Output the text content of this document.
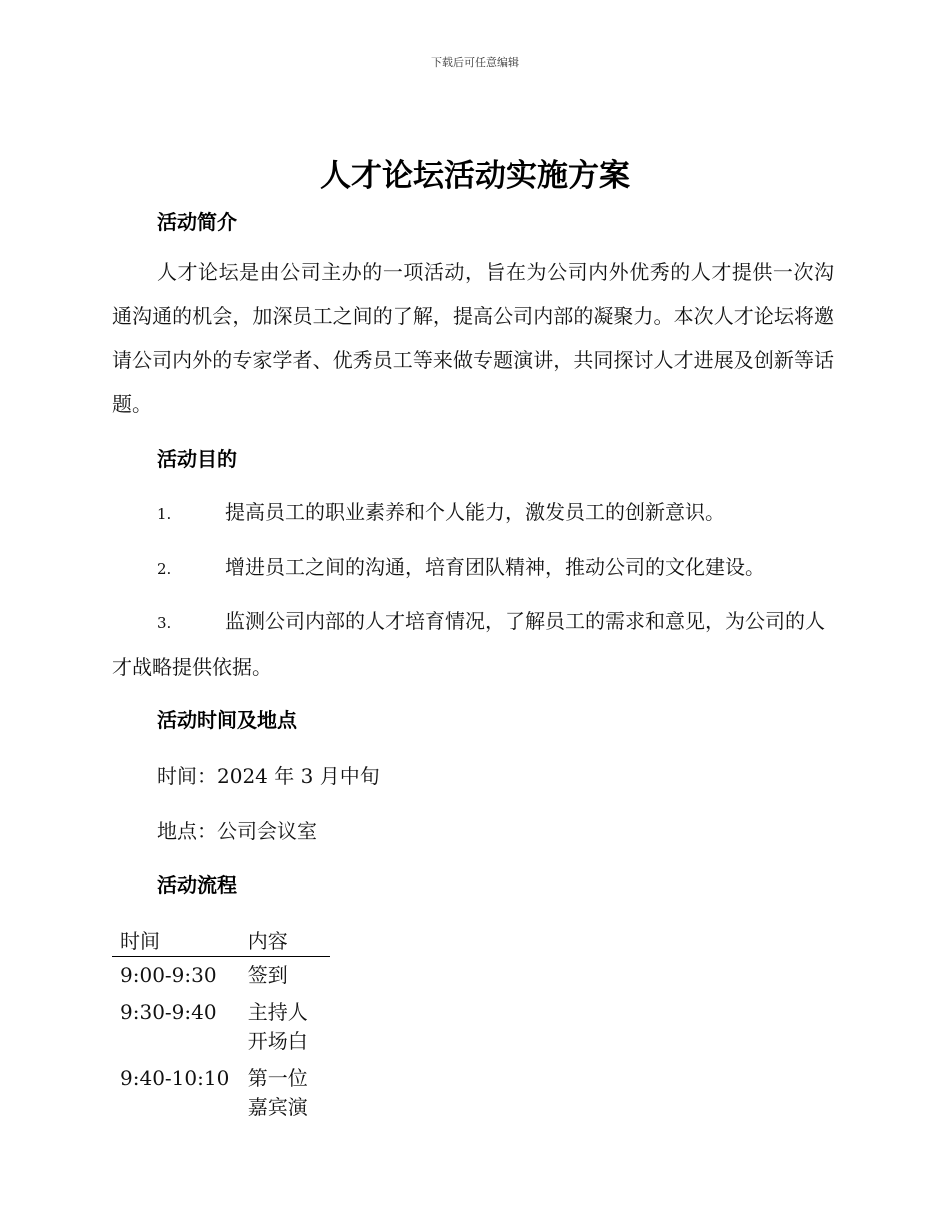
下载后可任意编辑
人才论坛活动实施方案
活动简介

人才论坛是由公司主办的一项活动，旨在为公司内外优秀的人才提供一次沟通沟通的机会，加深员工之间的了解，提高公司内部的凝聚力。本次人才论坛将邀请公司内外的专家学者、优秀员工等来做专题演讲，共同探讨人才进展及创新等话题。

活动目的
1.	提高员工的职业素养和个人能力，激发员工的创新意识。
2.	增进员工之间的沟通，培育团队精神，推动公司的文化建设。
3.	监测公司内部的人才培育情况，了解员工的需求和意见，为公司的人才战略提供依据。
活动时间及地点

时间：2024 年 3 月中旬

地点：公司会议室

活动流程
时间	内容
9:00-9:30	签到
9:30-9:40	主持人开场白
9:40-10:10	第一位嘉宾演
